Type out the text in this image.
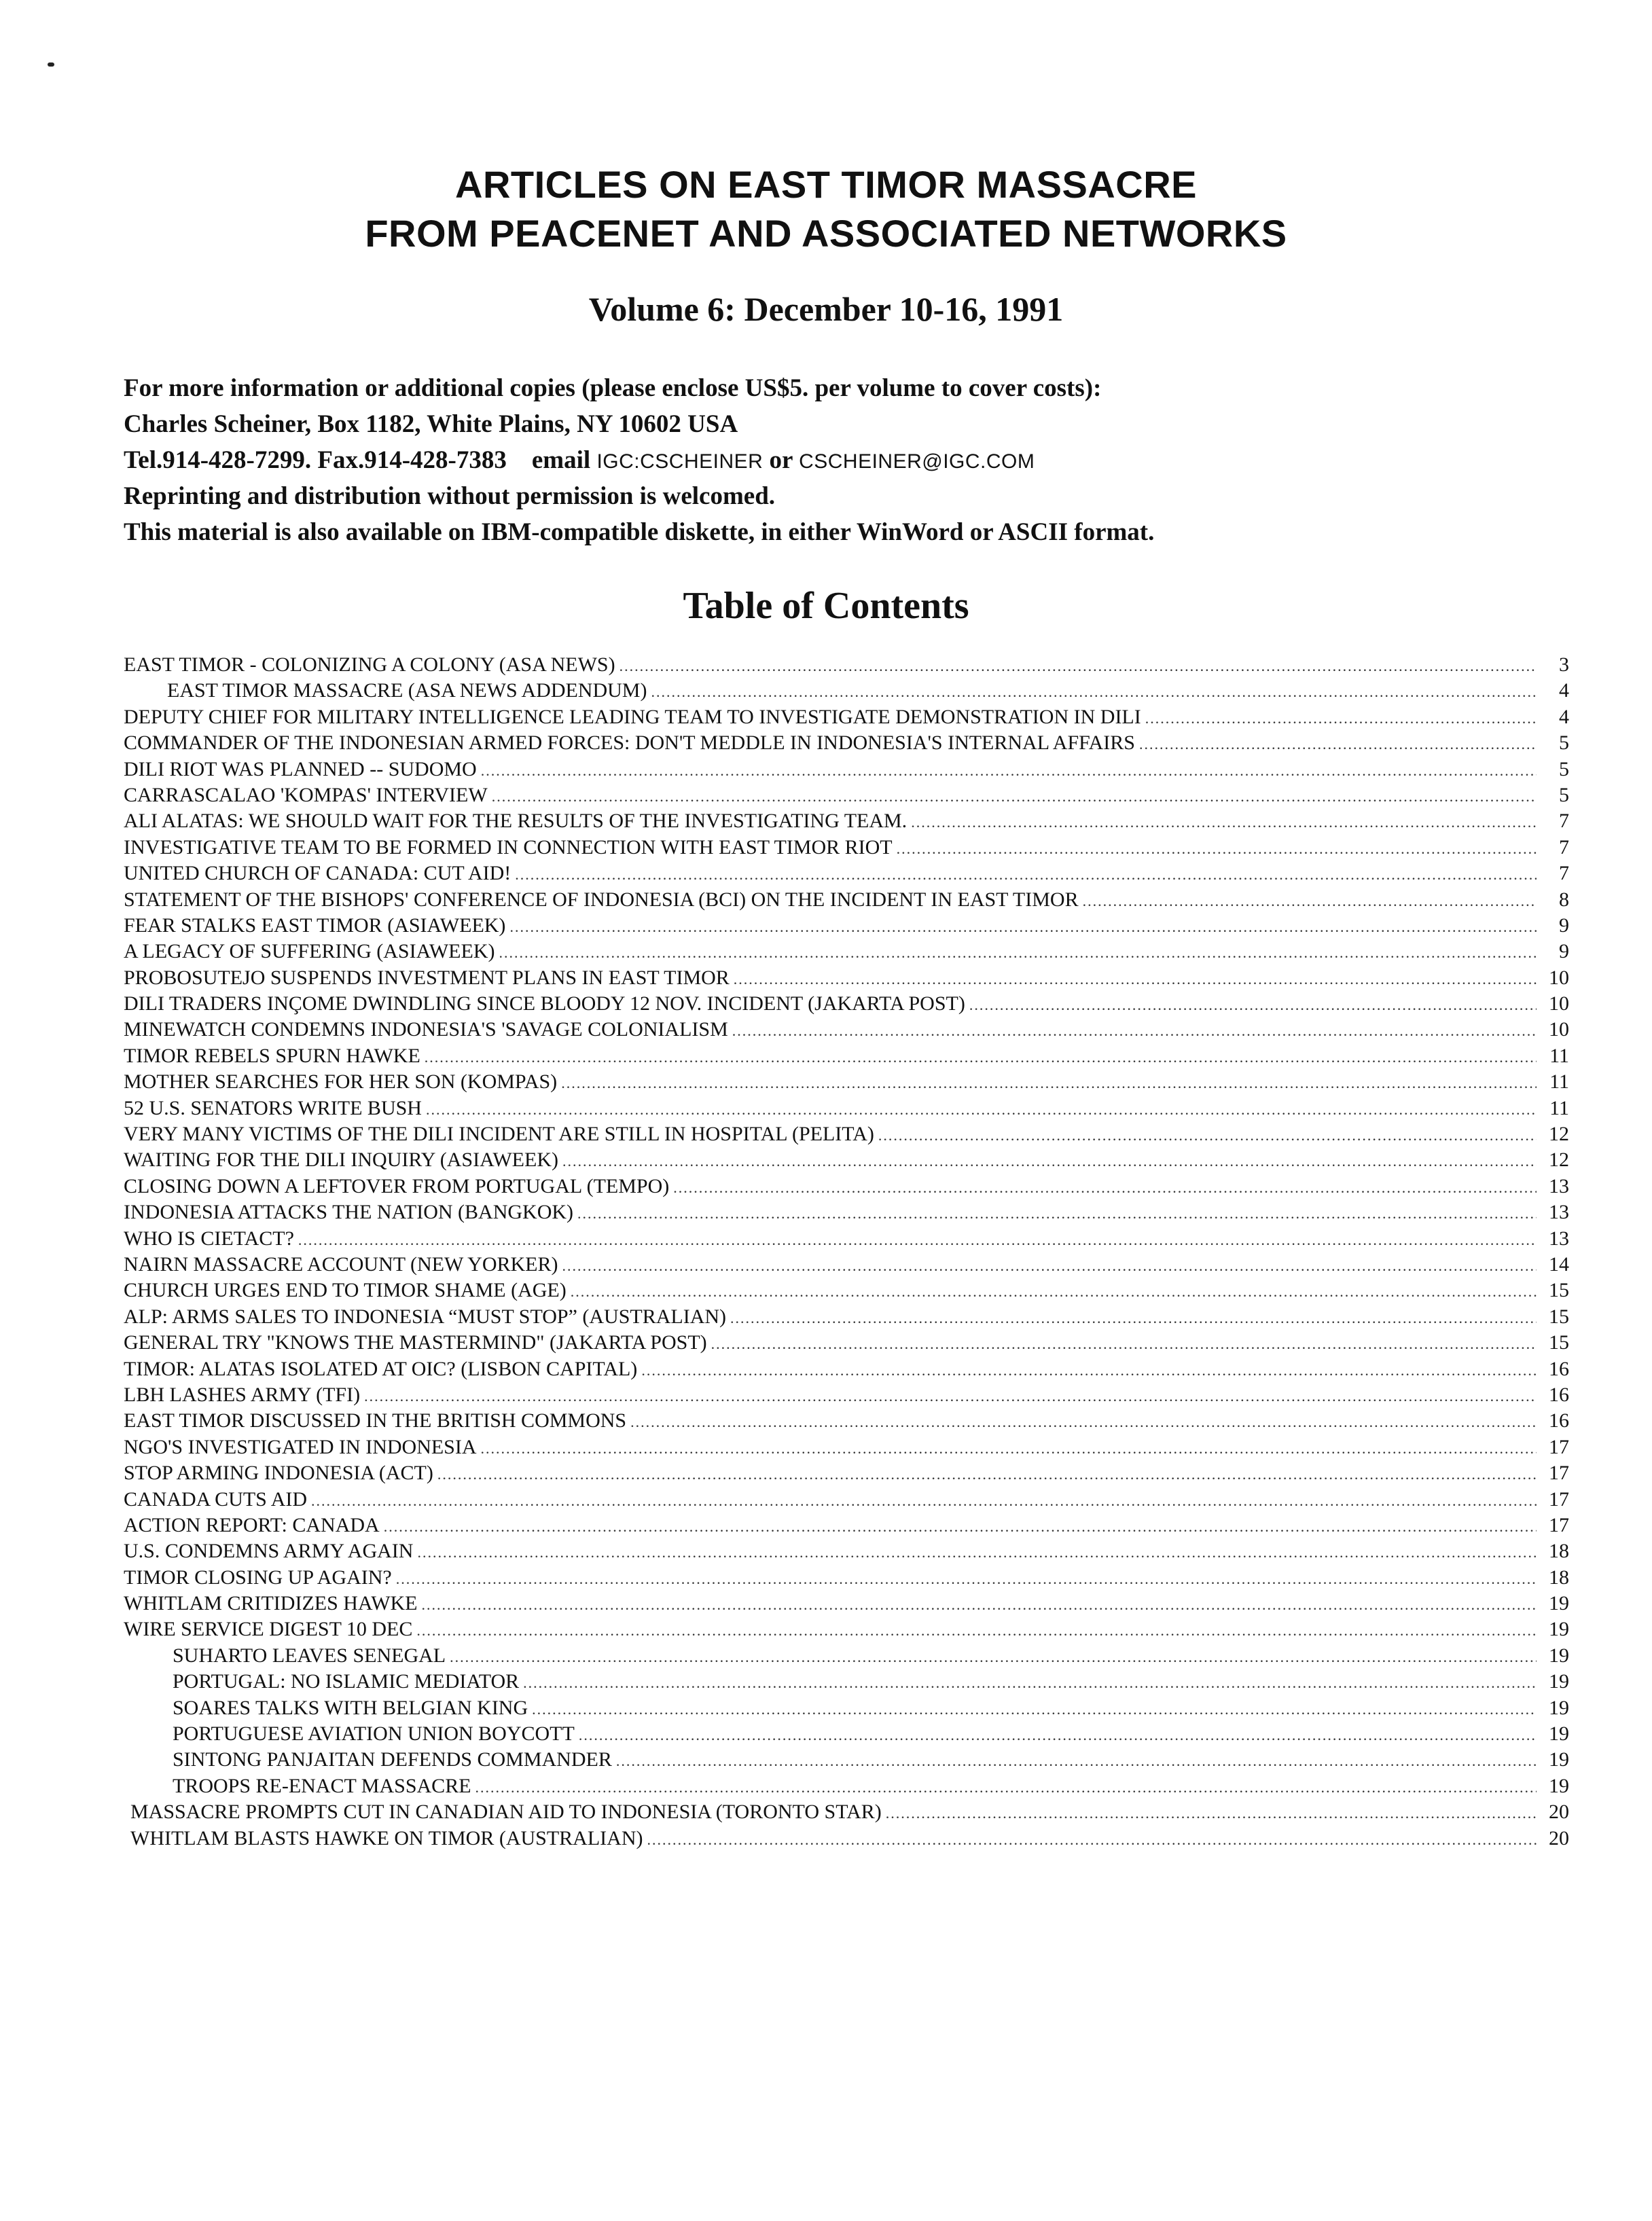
ARTICLES ON EAST TIMOR MASSACRE
FROM PEACENET AND ASSOCIATED NETWORKS
Volume 6: December 10-16, 1991
For more information or additional copies (please enclose US$5. per volume to cover costs):
Charles Scheiner, Box 1182, White Plains, NY 10602 USA
Tel.914-428-7299. Fax.914-428-7383 email IGC:CSCHEINER or CSCHEINER@IGC.COM
Reprinting and distribution without permission is welcomed.
This material is also available on IBM-compatible diskette, in either WinWord or ASCII format.
Table of Contents
EAST TIMOR - COLONIZING A COLONY (ASA NEWS) .....	3
EAST TIMOR MASSACRE (ASA NEWS ADDENDUM) .....	4
DEPUTY CHIEF FOR MILITARY INTELLIGENCE LEADING TEAM TO INVESTIGATE DEMONSTRATION IN DILI .....	4
COMMANDER OF THE INDONESIAN ARMED FORCES: DON'T MEDDLE IN INDONESIA'S INTERNAL AFFAIRS .....	5
DILI RIOT WAS PLANNED -- SUDOMO .....	5
CARRASCALAO 'KOMPAS' INTERVIEW .....	5
ALI ALATAS: WE SHOULD WAIT FOR THE RESULTS OF THE INVESTIGATING TEAM. .....	7
INVESTIGATIVE TEAM TO BE FORMED IN CONNECTION WITH EAST TIMOR RIOT .....	7
UNITED CHURCH OF CANADA: CUT AID! .....	7
STATEMENT OF THE BISHOPS' CONFERENCE OF INDONESIA (BCI) ON THE INCIDENT IN EAST TIMOR .....	8
FEAR STALKS EAST TIMOR (ASIAWEEK) .....	9
A LEGACY OF SUFFERING (ASIAWEEK) .....	9
PROBOSUTEJO SUSPENDS INVESTMENT PLANS IN EAST TIMOR .....	10
DILI TRADERS INÇOME DWINDLING SINCE BLOODY 12 NOV. INCIDENT (JAKARTA POST) .....	10
MINEWATCH CONDEMNS INDONESIA'S 'SAVAGE COLONIALISM .....	10
TIMOR REBELS SPURN HAWKE .....	11
MOTHER SEARCHES FOR HER SON (KOMPAS) .....	11
52 U.S. SENATORS WRITE BUSH .....	11
VERY MANY VICTIMS OF THE DILI INCIDENT ARE STILL IN HOSPITAL (PELITA) .....	12
WAITING FOR THE DILI INQUIRY (ASIAWEEK) .....	12
CLOSING DOWN A LEFTOVER FROM PORTUGAL (TEMPO) .....	13
INDONESIA ATTACKS THE NATION (BANGKOK) .....	13
WHO IS CIETACT? .....	13
NAIRN MASSACRE ACCOUNT (NEW YORKER) .....	14
CHURCH URGES END TO TIMOR SHAME (AGE) .....	15
ALP: ARMS SALES TO INDONESIA “MUST STOP” (AUSTRALIAN) .....	15
GENERAL TRY "KNOWS THE MASTERMIND" (JAKARTA POST) .....	15
TIMOR: ALATAS ISOLATED AT OIC? (LISBON CAPITAL) .....	16
LBH LASHES ARMY (TFI) .....	16
EAST TIMOR DISCUSSED IN THE BRITISH COMMONS .....	16
NGO'S INVESTIGATED IN INDONESIA .....	17
STOP ARMING INDONESIA (ACT) .....	17
CANADA CUTS AID .....	17
ACTION REPORT: CANADA .....	17
U.S. CONDEMNS ARMY AGAIN .....	18
TIMOR CLOSING UP AGAIN? .....	18
WHITLAM CRITIDIZES HAWKE .....	19
WIRE SERVICE DIGEST 10 DEC .....	19
SUHARTO LEAVES SENEGAL .....	19
PORTUGAL: NO ISLAMIC MEDIATOR .....	19
SOARES TALKS WITH BELGIAN KING .....	19
PORTUGUESE AVIATION UNION BOYCOTT .....	19
SINTONG PANJAITAN DEFENDS COMMANDER .....	19
TROOPS RE-ENACT MASSACRE .....	19
MASSACRE PROMPTS CUT IN CANADIAN AID TO INDONESIA (TORONTO STAR) .....	20
WHITLAM BLASTS HAWKE ON TIMOR (AUSTRALIAN) .....	20
